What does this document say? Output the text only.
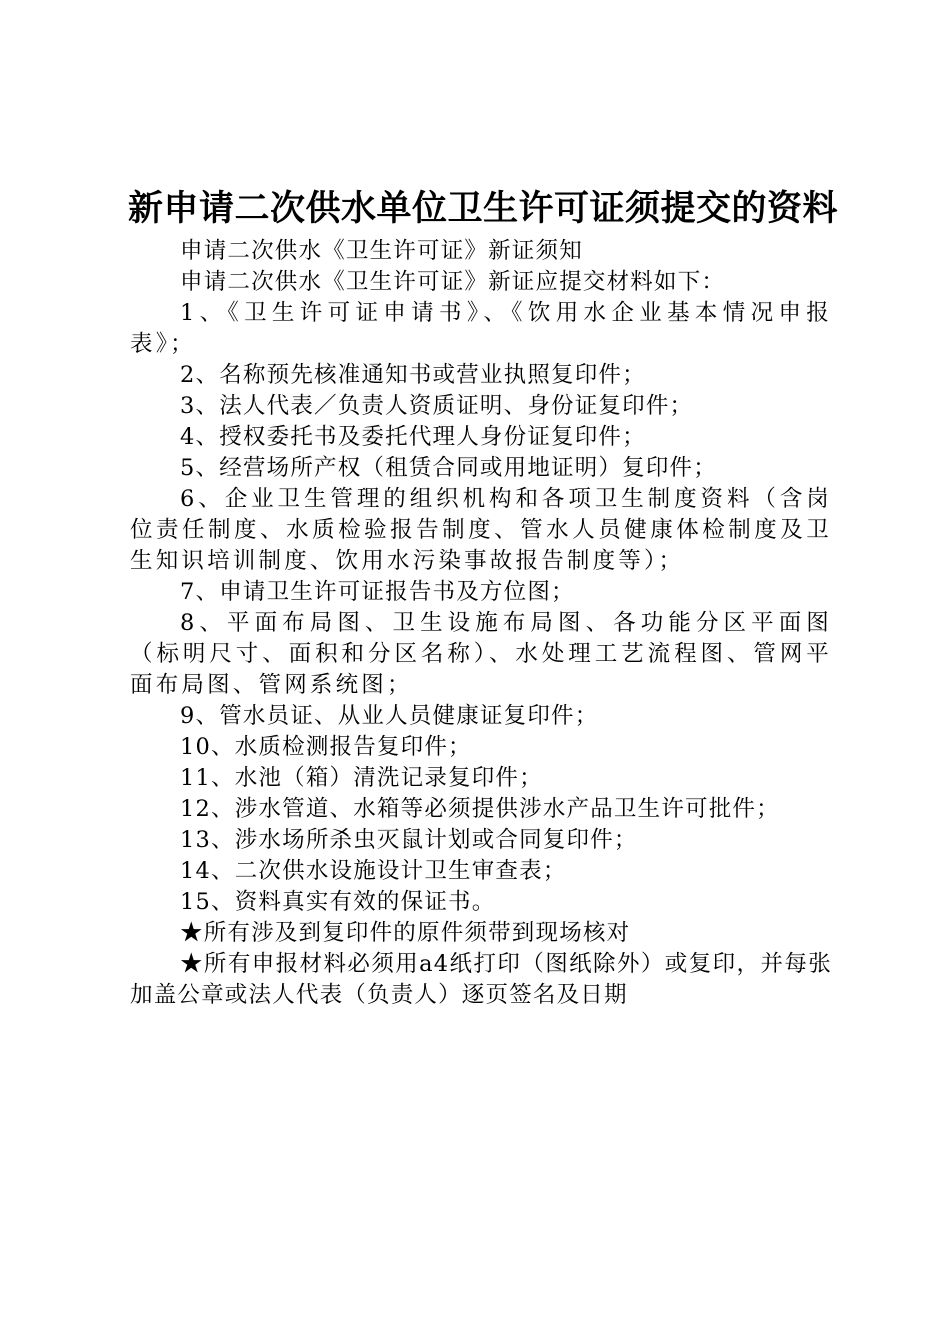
新申请二次供水单位卫生许可证须提交的资料

申请二次供水《卫生许可证》新证须知

申请二次供水《卫生许可证》新证应提交材料如下：

1、《卫生许可证申请书》、《饮用水企业基本情况申报表》；

2、名称预先核准通知书或营业执照复印件；

3、法人代表／负责人资质证明、身份证复印件；

4、授权委托书及委托代理人身份证复印件；

5、经营场所产权（租赁合同或用地证明）复印件；

6、企业卫生管理的组织机构和各项卫生制度资料（含岗位责任制度、水质检验报告制度、管水人员健康体检制度及卫生知识培训制度、饮用水污染事故报告制度等）；

7、申请卫生许可证报告书及方位图；

8、平面布局图、卫生设施布局图、各功能分区平面图（标明尺寸、面积和分区名称）、水处理工艺流程图、管网平面布局图、管网系统图；

9、管水员证、从业人员健康证复印件；

10、水质检测报告复印件；

11、水池（箱）清洗记录复印件；

12、涉水管道、水箱等必须提供涉水产品卫生许可批件；

13、涉水场所杀虫灭鼠计划或合同复印件；

14、二次供水设施设计卫生审查表；

15、资料真实有效的保证书。

★所有涉及到复印件的原件须带到现场核对

★所有申报材料必须用a4纸打印（图纸除外）或复印，并每张加盖公章或法人代表（负责人）逐页签名及日期
